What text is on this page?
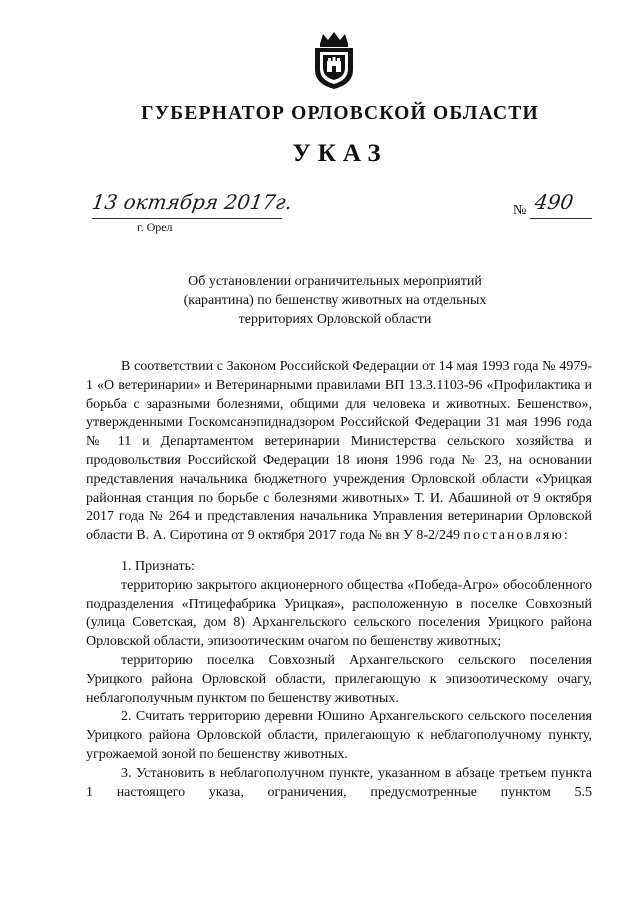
ГУБЕРНАТОР ОРЛОВСКОЙ ОБЛАСТИ
УКАЗ
13 октября 2017г.
г. Орел
№ 490
Об установлении ограничительных мероприятий
(карантина) по бешенству животных на отдельных
территориях Орловской области

В соответствии с Законом Российской Федерации от 14 мая 1993 года № 4979-1 «О ветеринарии» и Ветеринарными правилами ВП 13.3.1103-96 «Профилактика и борьба с заразными болезнями, общими для человека и животных. Бешенство», утвержденными Госкомсанэпиднадзором Российской Федерации 31 мая 1996 года № 11 и Департаментом ветеринарии Министерства сельского хозяйства и продовольствия Российской Федерации 18 июня 1996 года № 23, на основании представления начальника бюджетного учреждения Орловской области «Урицкая районная станция по борьбе с болезнями животных» Т. И. Абашиной от 9 октября 2017 года № 264 и представления начальника Управления ветеринарии Орловской области В. А. Сиротина от 9 октября 2017 года № вн У 8-2/249 постановляю:

1. Признать:

территорию закрытого акционерного общества «Победа-Агро» обособленного подразделения «Птицефабрика Урицкая», расположенную в поселке Совхозный (улица Советская, дом 8) Архангельского сельского поселения Урицкого района Орловской области, эпизоотическим очагом по бешенству животных;

территорию поселка Совхозный Архангельского сельского поселения Урицкого района Орловской области, прилегающую к эпизоотическому очагу, неблагополучным пунктом по бешенству животных.

2. Считать территорию деревни Юшино Архангельского сельского поселения Урицкого района Орловской области, прилегающую к неблагополучному пункту, угрожаемой зоной по бешенству животных.

3. Установить в неблагополучном пункте, указанном в абзаце третьем пункта 1 настоящего указа, ограничения, предусмотренные пунктом 5.5
